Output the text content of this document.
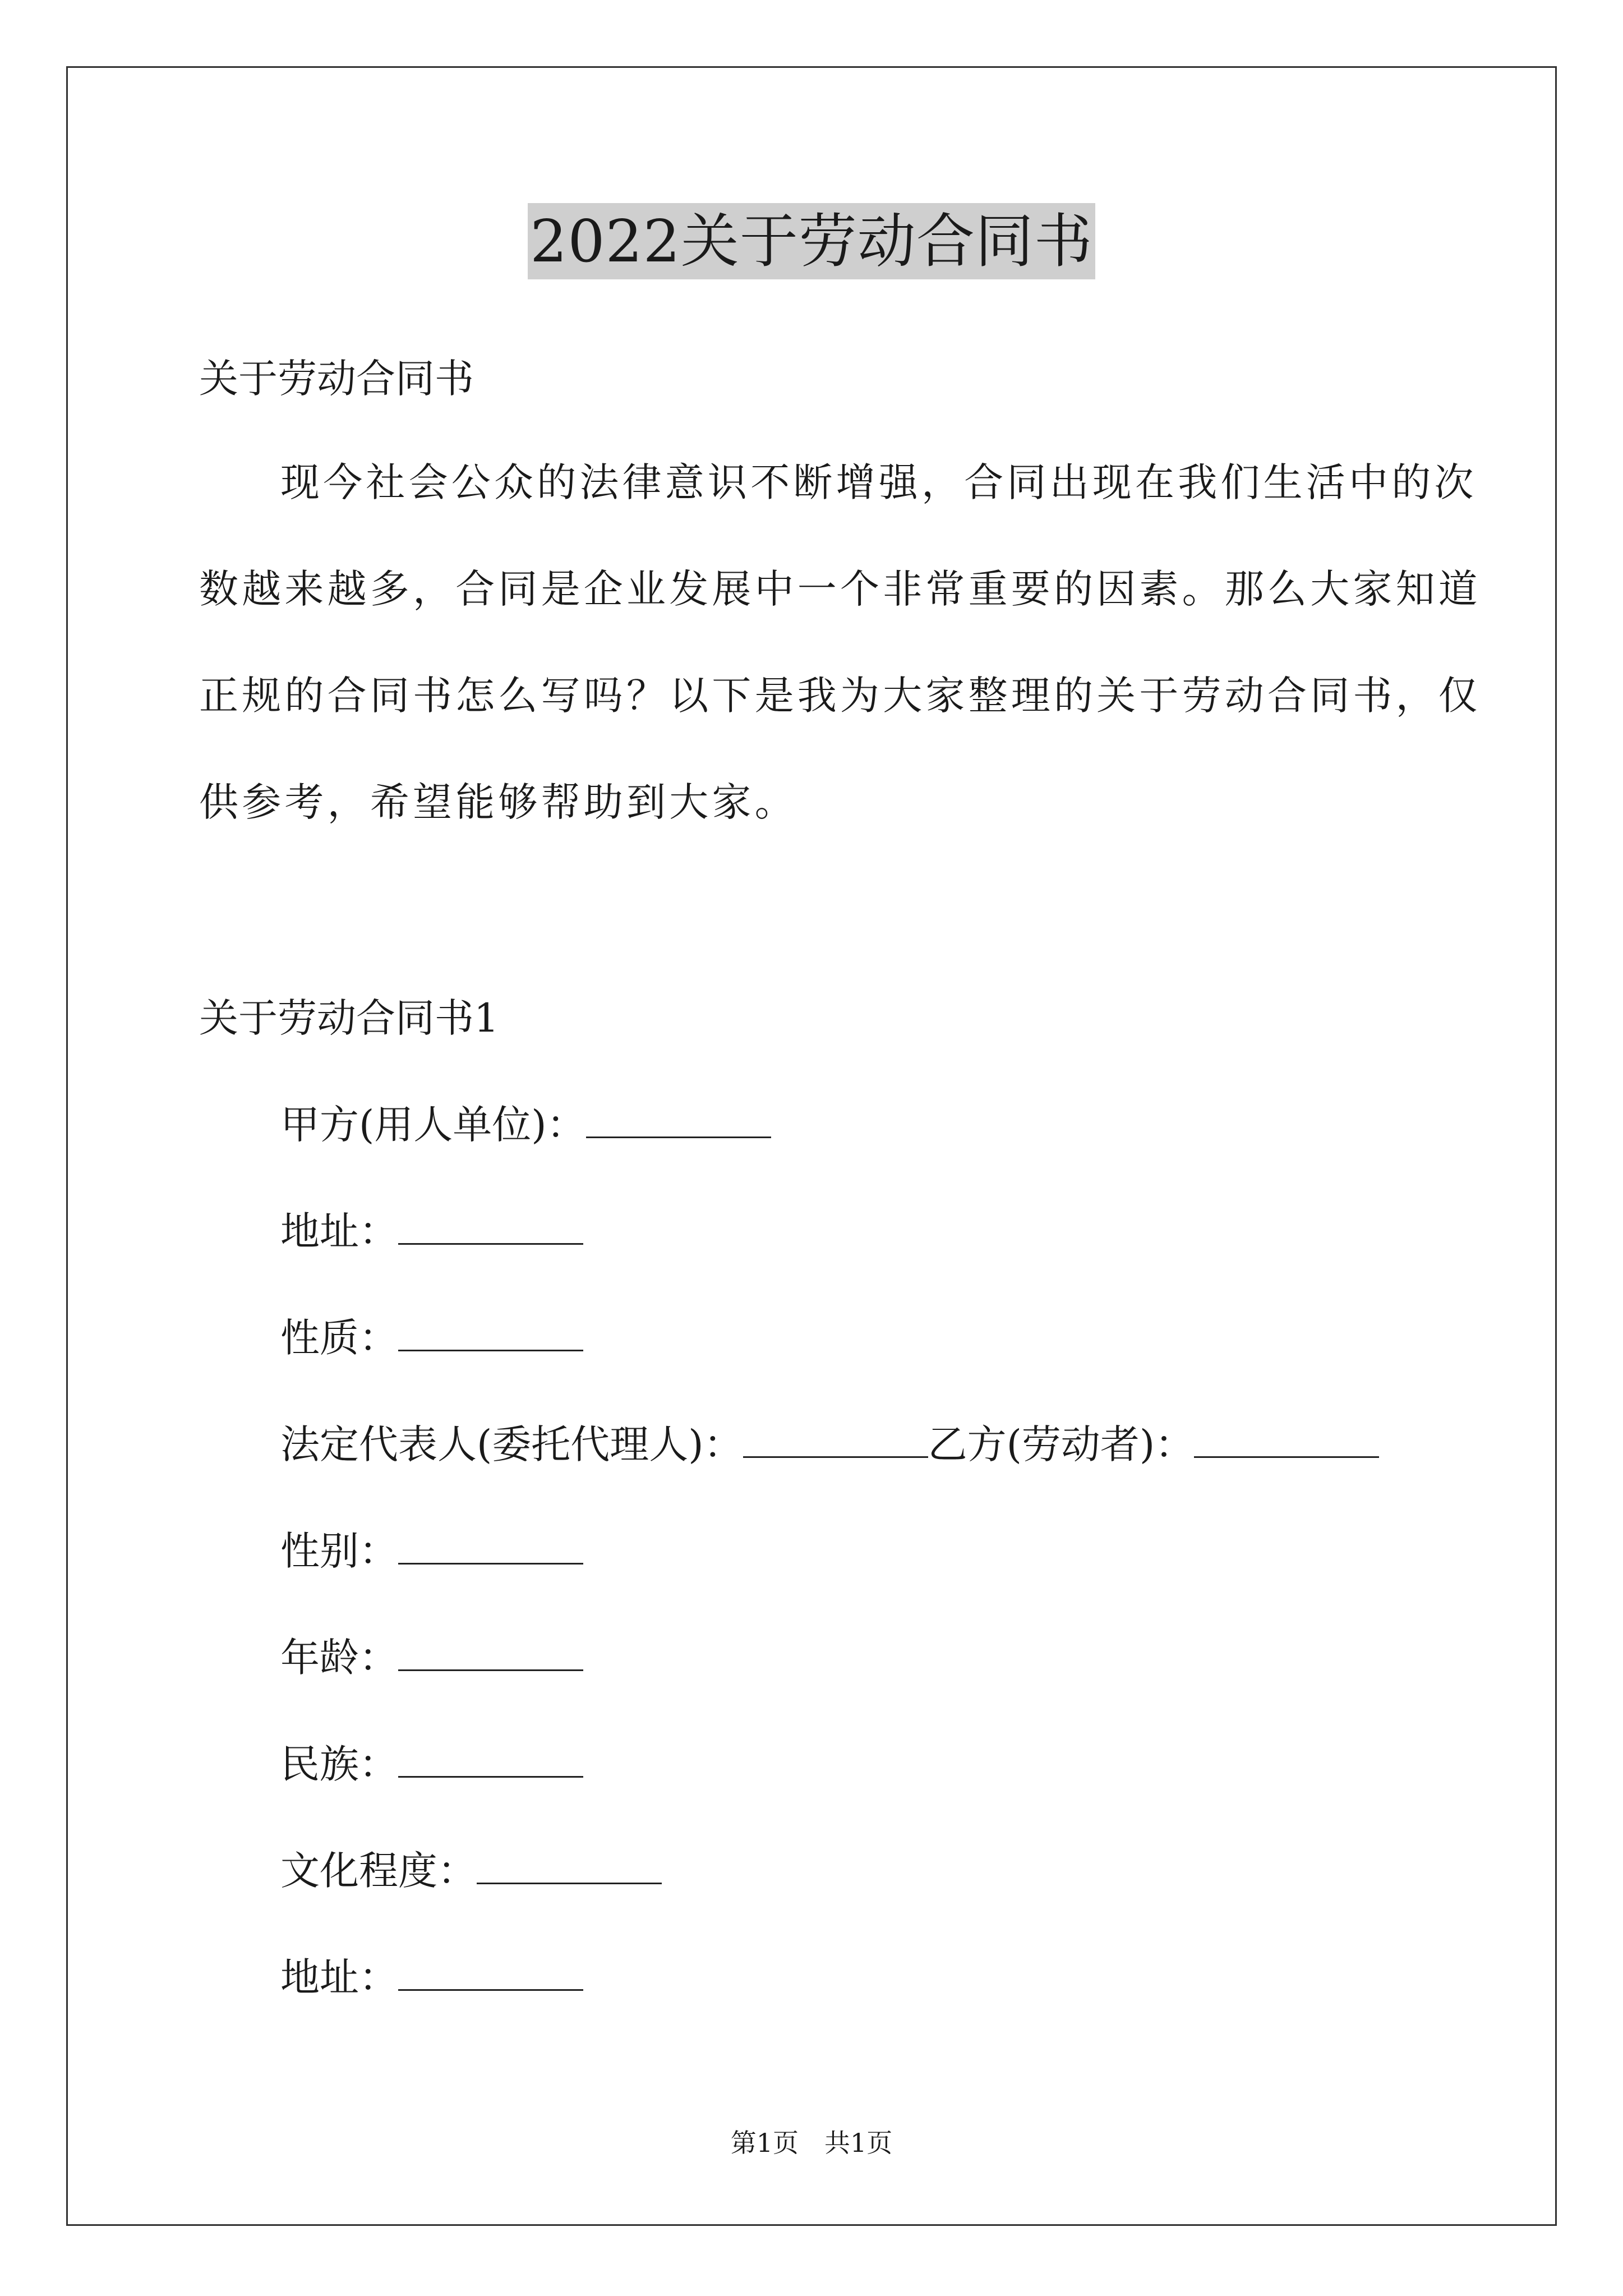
2022关于劳动合同书
关于劳动合同书
现今社会公众的法律意识不断增强，合同出现在我们生活中的次
数越来越多，合同是企业发展中一个非常重要的因素。那么大家知道
正规的合同书怎么写吗？以下是我为大家整理的关于劳动合同书，仅
供参考，希望能够帮助到大家。
关于劳动合同书1
甲方(用人单位)：
地址：
性质：
法定代表人(委托代理人)：	乙方(劳动者)：
性别：
年龄：
民族：
文化程度：
地址：
第1页　共1页
